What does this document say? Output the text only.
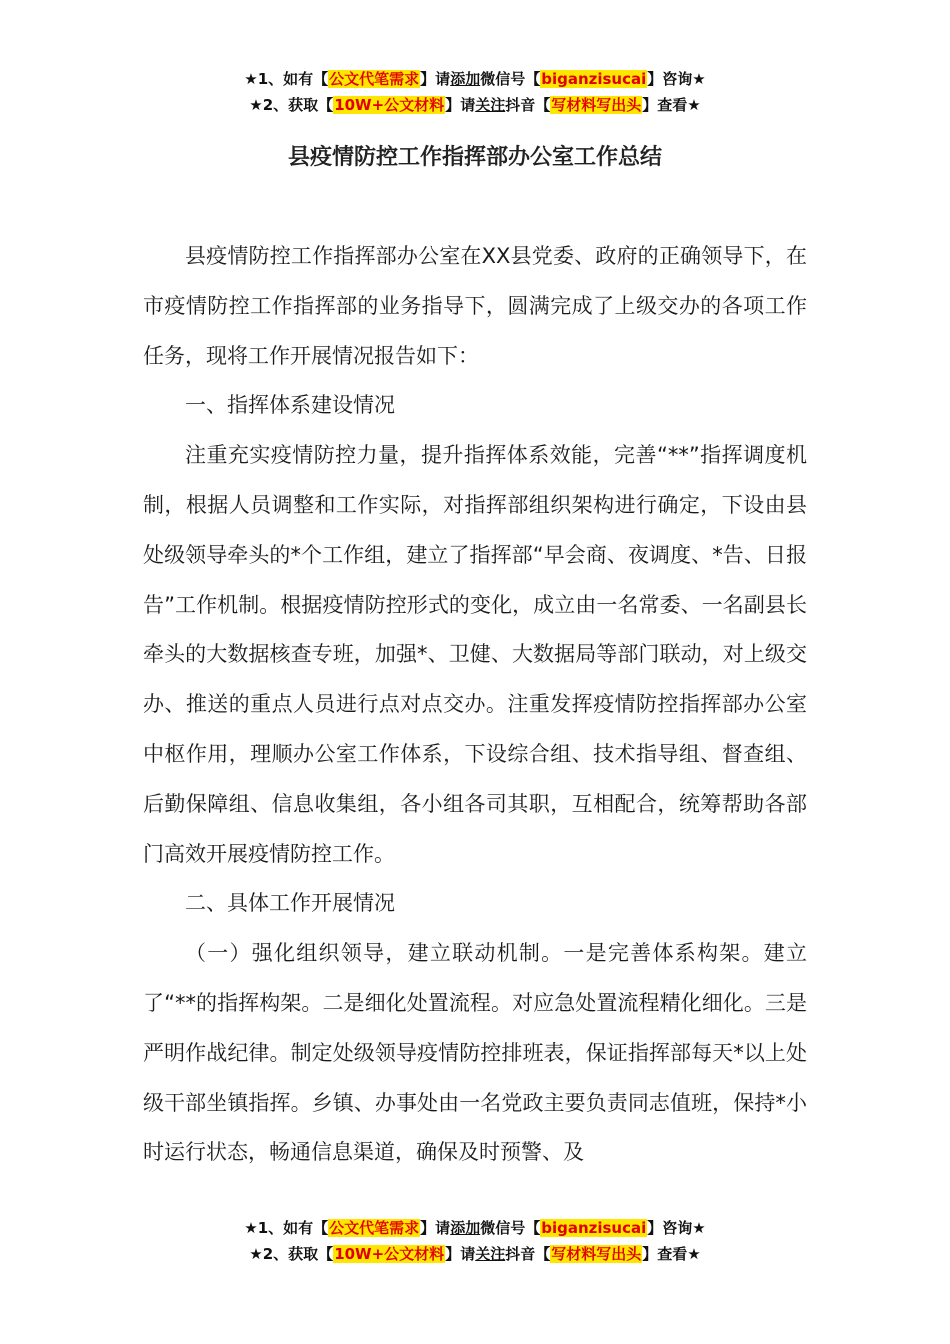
★1、如有【公文代笔需求】请添加微信号【biganzisucai】咨询★
★2、获取【10W+公文材料】请关注抖音【写材料写出头】查看★
县疫情防控工作指挥部办公室工作总结

县疫情防控工作指挥部办公室在XX县党委、政府的正确领导下，在市疫情防控工作指挥部的业务指导下，圆满完成了上级交办的各项工作任务，现将工作开展情况报告如下：

一、指挥体系建设情况

注重充实疫情防控力量，提升指挥体系效能，完善“**”指挥调度机制，根据人员调整和工作实际，对指挥部组织架构进行确定，下设由县处级领导牵头的*个工作组，建立了指挥部“早会商、夜调度、*告、日报告”工作机制。根据疫情防控形式的变化，成立由一名常委、一名副县长牵头的大数据核查专班，加强*、卫健、大数据局等部门联动，对上级交办、推送的重点人员进行点对点交办。注重发挥疫情防控指挥部办公室中枢作用，理顺办公室工作体系，下设综合组、技术指导组、督查组、后勤保障组、信息收集组，各小组各司其职，互相配合，统筹帮助各部门高效开展疫情防控工作。

二、具体工作开展情况

（一）强化组织领导，建立联动机制。一是完善体系构架。建立了“**的指挥构架。二是细化处置流程。对应急处置流程精化细化。三是严明作战纪律。制定处级领导疫情防控排班表，保证指挥部每天*以上处级干部坐镇指挥。乡镇、办事处由一名党政主要负责同志值班，保持*小时运行状态，畅通信息渠道，确保及时预警、及

★1、如有【公文代笔需求】请添加微信号【biganzisucai】咨询★
★2、获取【10W+公文材料】请关注抖音【写材料写出头】查看★
